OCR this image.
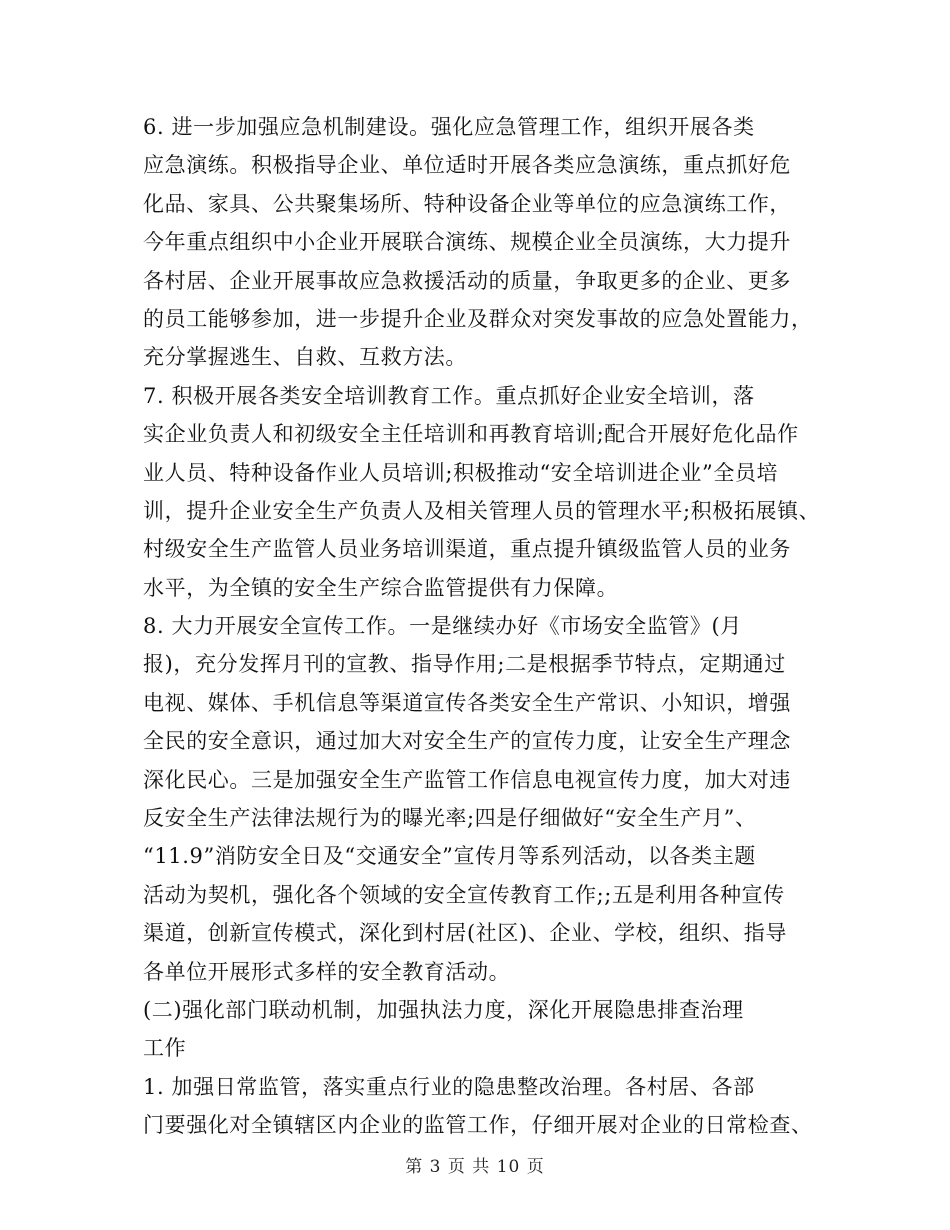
6. 进一步加强应急机制建设。强化应急管理工作，组织开展各类
应急演练。积极指导企业、单位适时开展各类应急演练，重点抓好危
化品、家具、公共聚集场所、特种设备企业等单位的应急演练工作，
今年重点组织中小企业开展联合演练、规模企业全员演练，大力提升
各村居、企业开展事故应急救援活动的质量，争取更多的企业、更多
的员工能够参加，进一步提升企业及群众对突发事故的应急处置能力，
充分掌握逃生、自救、互救方法。
7. 积极开展各类安全培训教育工作。重点抓好企业安全培训，落
实企业负责人和初级安全主任培训和再教育培训;配合开展好危化品作
业人员、特种设备作业人员培训;积极推动“安全培训进企业”全员培
训，提升企业安全生产负责人及相关管理人员的管理水平;积极拓展镇、
村级安全生产监管人员业务培训渠道，重点提升镇级监管人员的业务
水平，为全镇的安全生产综合监管提供有力保障。
8. 大力开展安全宣传工作。一是继续办好《市场安全监管》(月
报)，充分发挥月刊的宣教、指导作用;二是根据季节特点，定期通过
电视、媒体、手机信息等渠道宣传各类安全生产常识、小知识，增强
全民的安全意识，通过加大对安全生产的宣传力度，让安全生产理念
深化民心。三是加强安全生产监管工作信息电视宣传力度，加大对违
反安全生产法律法规行为的曝光率;四是仔细做好“安全生产月”、
“11.9”消防安全日及“交通安全”宣传月等系列活动，以各类主题
活动为契机，强化各个领域的安全宣传教育工作;;五是利用各种宣传
渠道，创新宣传模式，深化到村居(社区)、企业、学校，组织、指导
各单位开展形式多样的安全教育活动。
(二)强化部门联动机制，加强执法力度，深化开展隐患排查治理
工作
1. 加强日常监管，落实重点行业的隐患整改治理。各村居、各部
门要强化对全镇辖区内企业的监管工作，仔细开展对企业的日常检查、
第 3 页 共 10 页
